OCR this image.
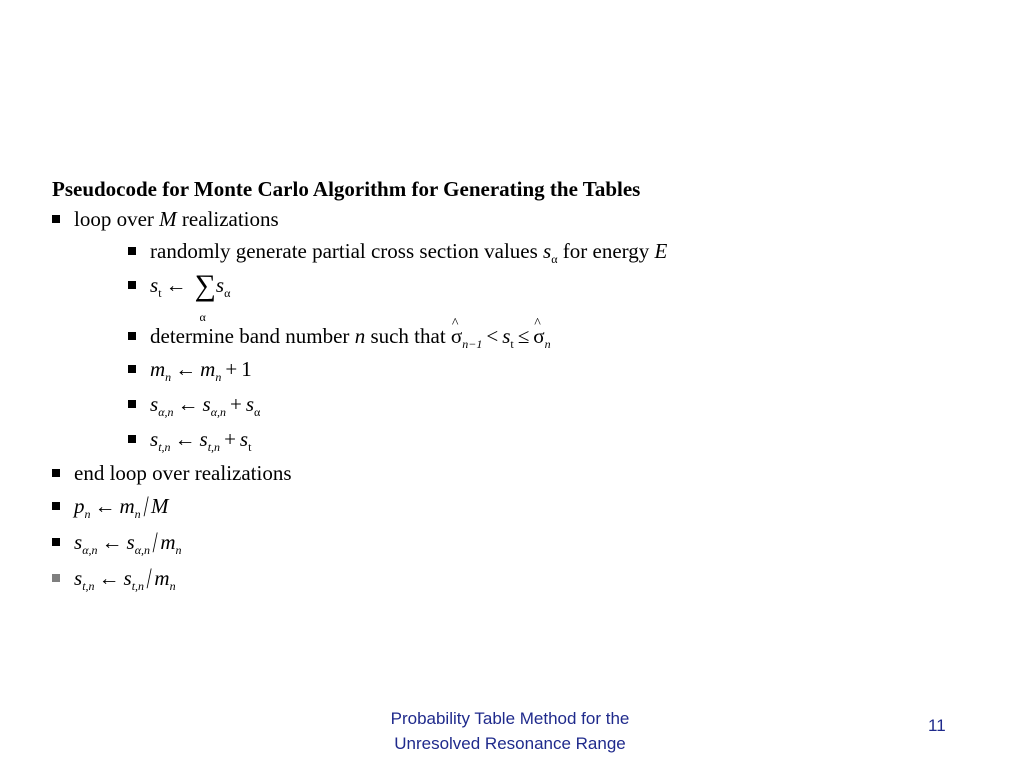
Pseudocode for Monte Carlo Algorithm for Generating the Tables
loop over M realizations
randomly generate partial cross section values $s_\alpha$ for energy E
$s_t$ ← ∑
α
$s_\alpha$
determine band number n such that ^ $\sigma_{n-1} < s_t$ ≤^ $\sigma_n$
$m_n$ ← $m_n + 1$
$s_{\alpha,n}$ ← $s_{\alpha,n} + s_\alpha$
$s_{t,n}$ ← $s_{t,n} + s_t$
end loop over realizations
$p_n$ ← $m_n/$ M
$s_{\alpha,n}$ ← $s_{\alpha,n}/$ $m_n$
$s_{t,n}$ ← $s_{t,n}/$ $m_n$
Probability Table Method for the
Unresolved Resonance Range
11
